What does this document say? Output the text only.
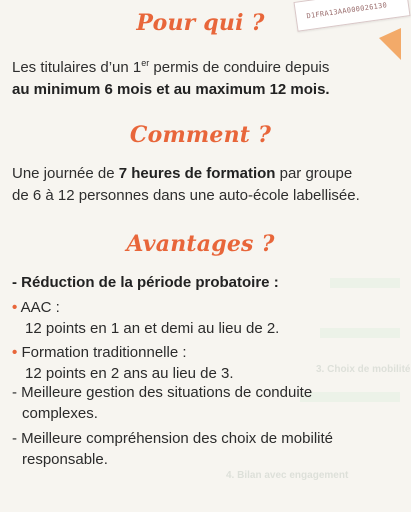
3. Choix de mobilité
4. Bilan avec engagement
D1FRA13AA000026130
Pour qui ?
Les titulaires d’un 1er permis de conduire depuis
au minimum 6 mois et au maximum 12 mois.
Comment ?
Une journée de 7 heures de formation par groupe
de 6 à 12 personnes dans une auto-école labellisée.
Avantages ?
- Réduction de la période probatoire :
• AAC :
12 points en 1 an et demi au lieu de 2.
• Formation traditionnelle :
12 points en 2 ans au lieu de 3.
- Meilleure gestion des situations de conduite
complexes.
- Meilleure compréhension des choix de mobilité
responsable.
